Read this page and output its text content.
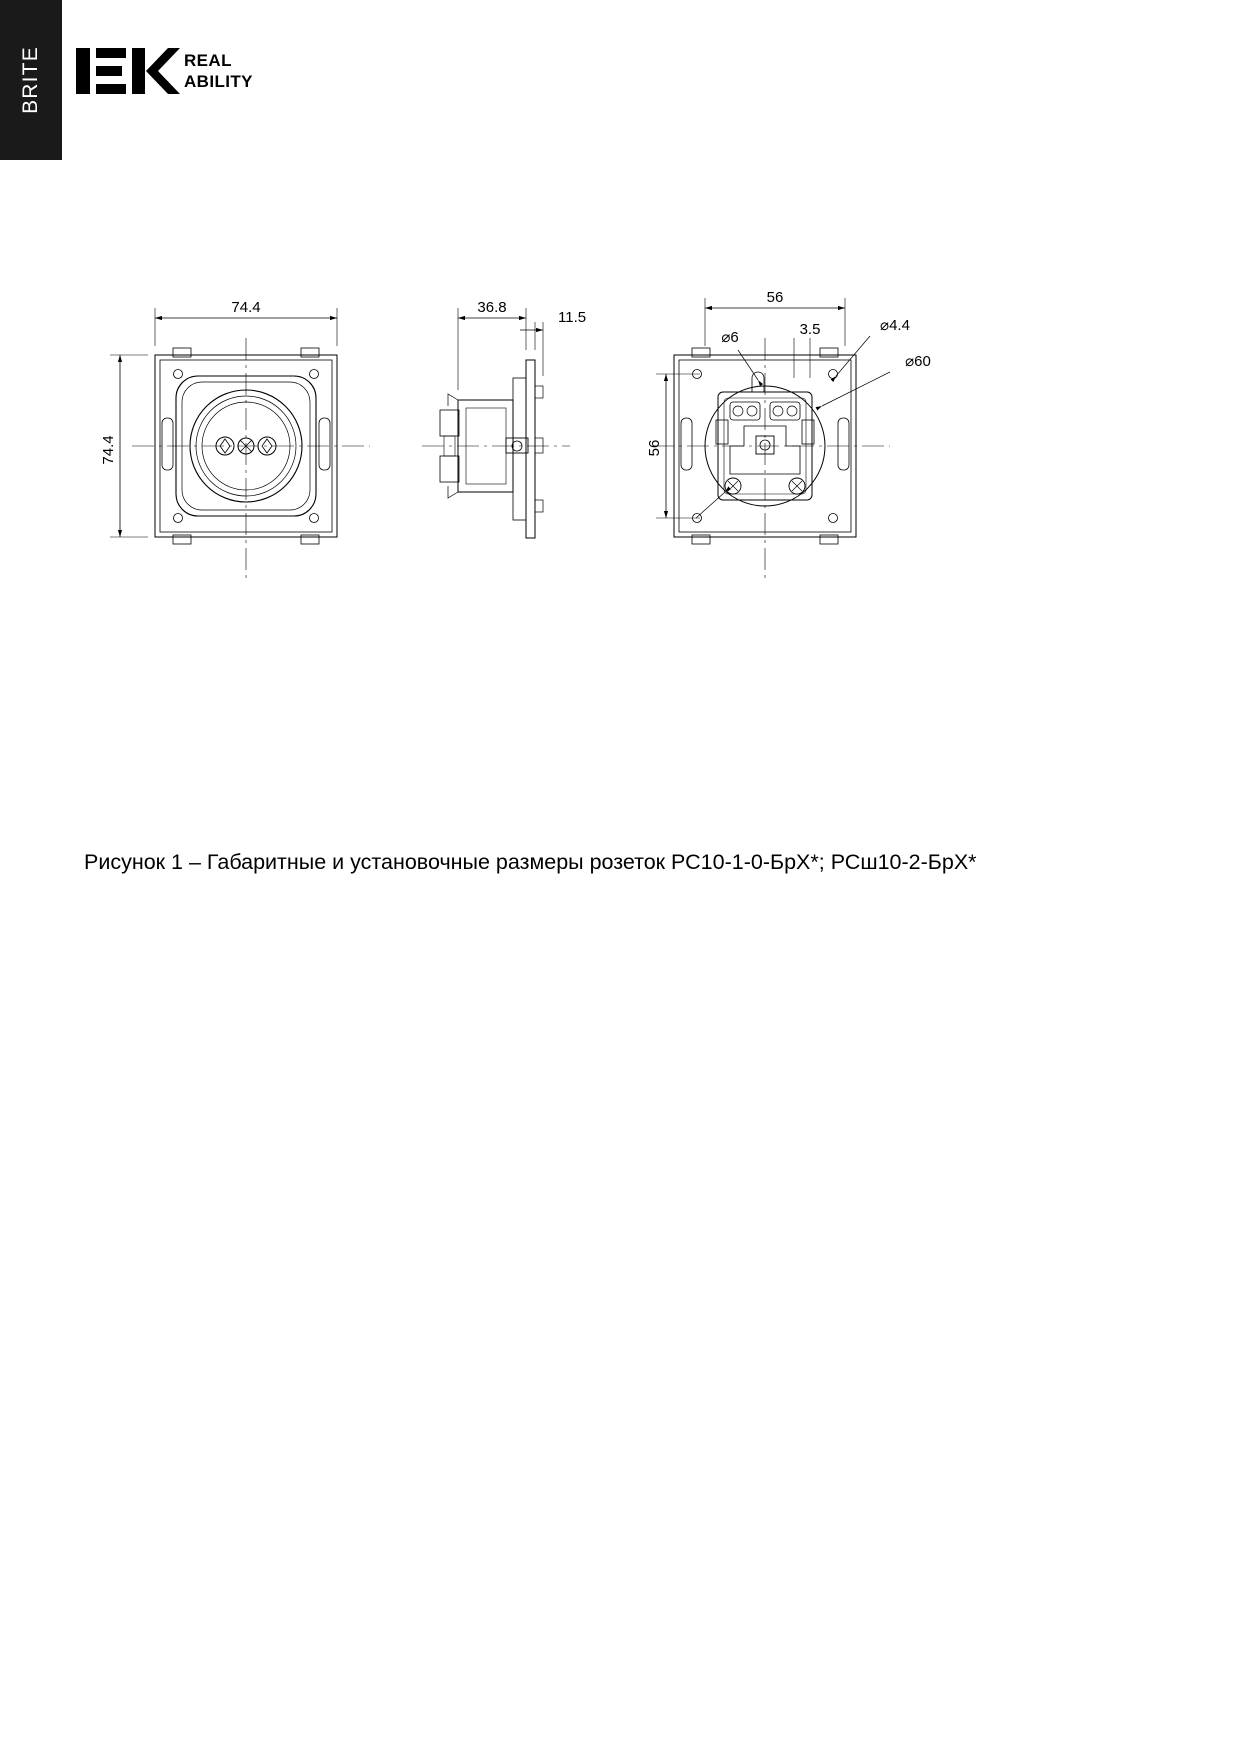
BRITE	REAL
ABILITY
74.4
74.4
36.8
11.5
56
56
⌀6	3.5	⌀4.4
⌀60
Рисунок 1 – Габаритные и установочные размеры розеток РС10-1-0-БрХ*; РСш10-2-БрХ*
